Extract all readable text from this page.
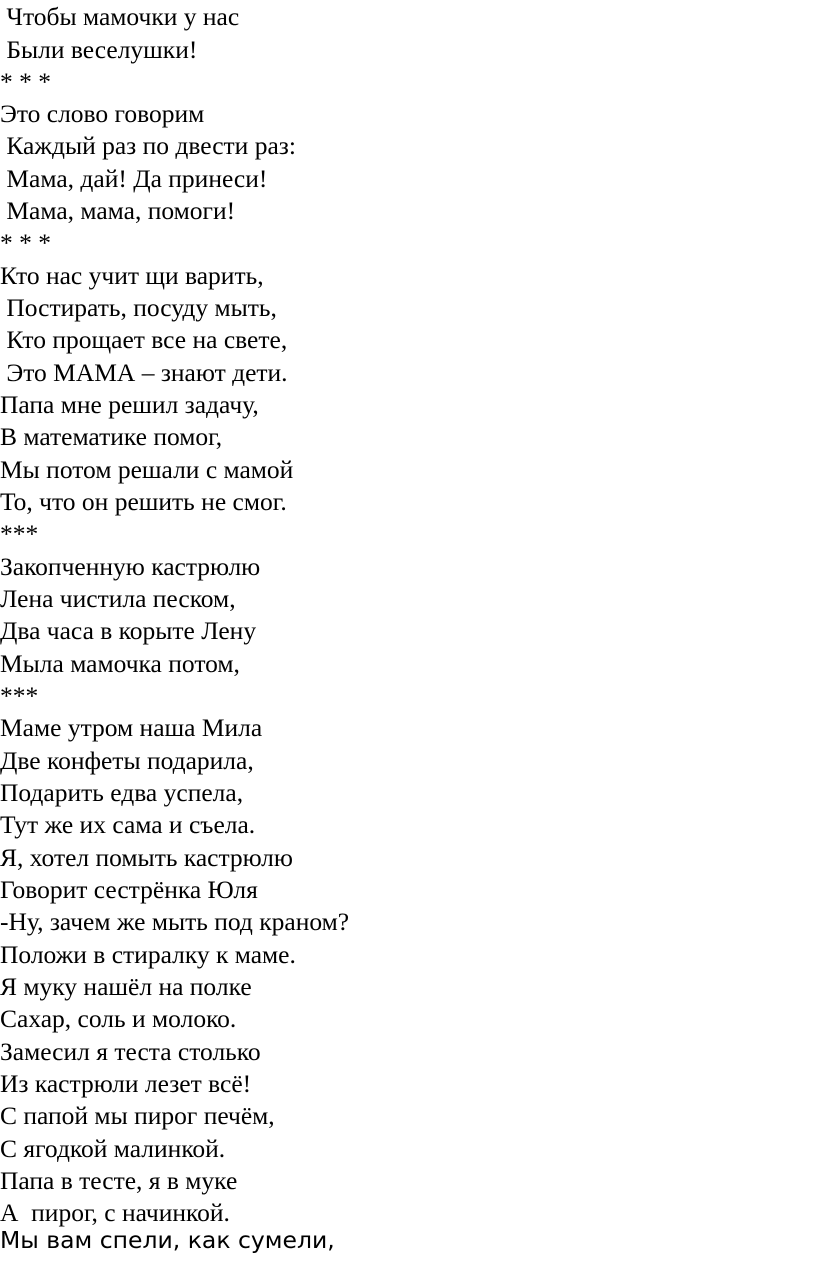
Чтобы мамочки у нас
Были веселушки!
* * *
Это слово говорим
Каждый раз по двести раз:
Мама, дай! Да принеси!
Мама, мама, помоги!
* * *
Кто нас учит щи варить,
Постирать, посуду мыть,
Кто прощает все на свете,
Это МАМА – знают дети.
Папа мне решил задачу,
В математике помог,
Мы потом решали с мамой
То, что он решить не смог.
***
Закопченную кастрюлю
Лена чистила песком,
Два часа в корыте Лену
Мыла мамочка потом,
***
Маме утром наша Мила
Две конфеты подарила,
Подарить едва успела,
Тут же их сама и съела.
Я, хотел помыть кастрюлю
Говорит сестрёнка Юля
-Ну, зачем же мыть под краном?
Положи в стиралку к маме.
Я муку нашёл на полке
Сахар, соль и молоко.
Замесил я теста столько
Из кастрюли лезет всё!
С папой мы пирог печём,
С ягодкой малинкой.
Папа в тесте, я в муке
А  пирог, с начинкой.
Мы вам спели, как сумели,
